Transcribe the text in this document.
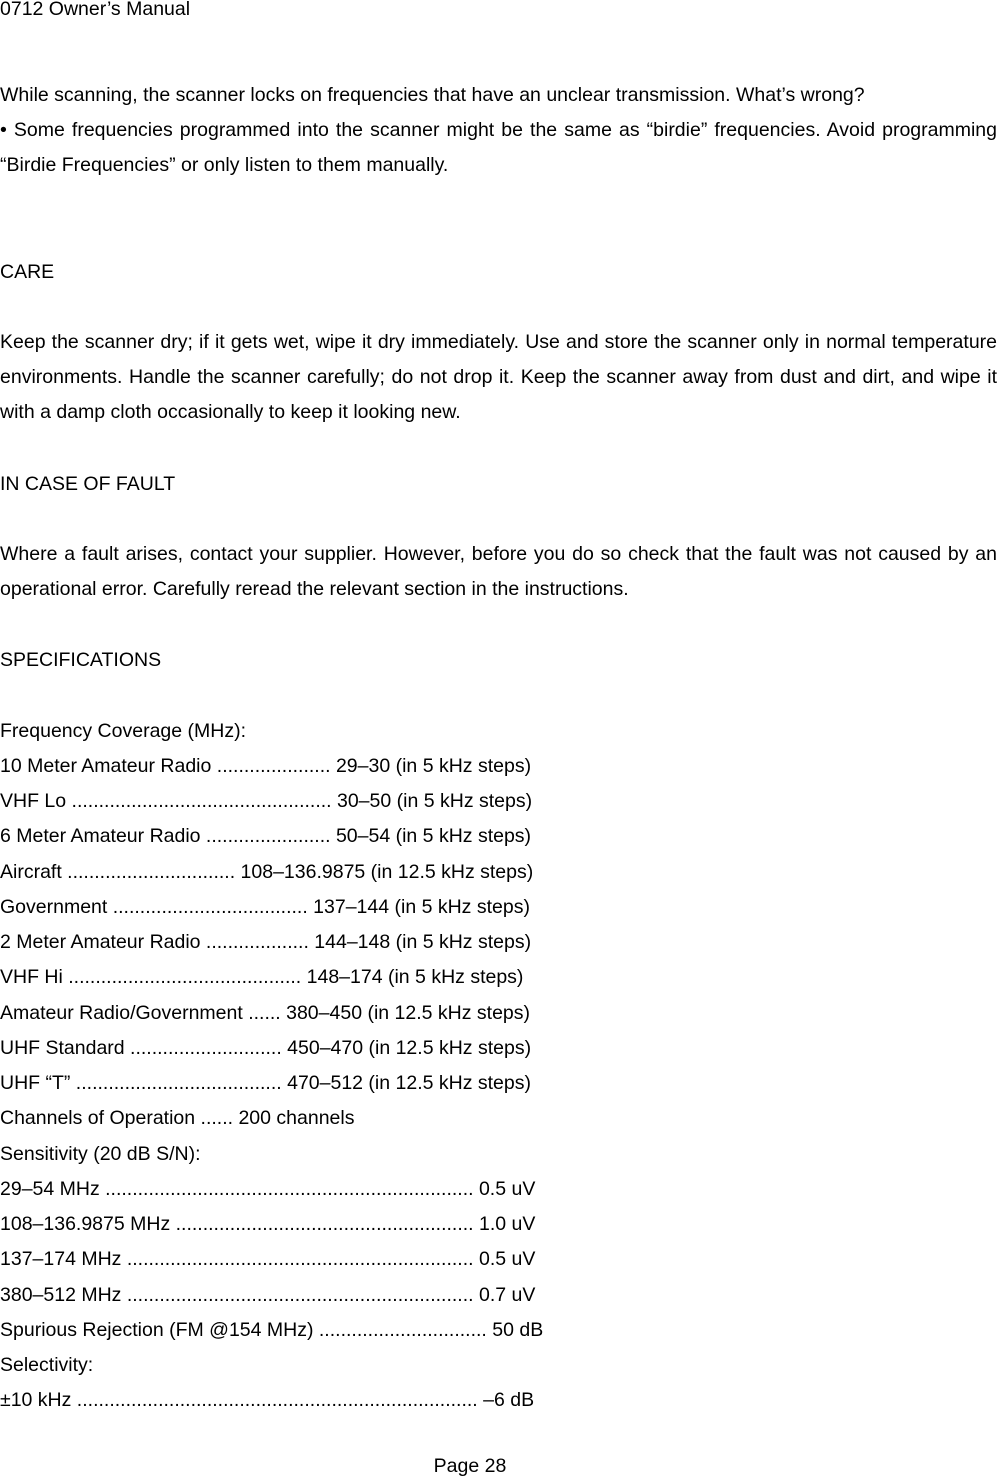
0712 Owner’s Manual

While scanning, the scanner locks on frequencies that have an unclear transmission. What’s wrong?

• Some frequencies programmed into the scanner might be the same as “birdie” frequencies. Avoid programming “Birdie Frequencies” or only listen to them manually.

CARE

Keep the scanner dry; if it gets wet, wipe it dry immediately. Use and store the scanner only in normal temperature environments. Handle the scanner carefully; do not drop it. Keep the scanner away from dust and dirt, and wipe it with a damp cloth occasionally to keep it looking new.

IN CASE OF FAULT

Where a fault arises, contact your supplier. However, before you do so check that the fault was not caused by an operational error. Carefully reread the relevant section in the instructions.

SPECIFICATIONS
Frequency Coverage (MHz):
10 Meter Amateur Radio ..................... 29–30 (in 5 kHz steps)
VHF Lo ................................................ 30–50 (in 5 kHz steps)
6 Meter Amateur Radio ....................... 50–54 (in 5 kHz steps)
Aircraft ............................... 108–136.9875 (in 12.5 kHz steps)
Government .................................... 137–144 (in 5 kHz steps)
2 Meter Amateur Radio ................... 144–148 (in 5 kHz steps)
VHF Hi ........................................... 148–174 (in 5 kHz steps)
Amateur Radio/Government ...... 380–450 (in 12.5 kHz steps)
UHF Standard ............................ 450–470 (in 12.5 kHz steps)
UHF “T” ...................................... 470–512 (in 12.5 kHz steps)
Channels of Operation ...... 200 channels
Sensitivity (20 dB S/N):
29–54 MHz .................................................................... 0.5 uV
108–136.9875 MHz ....................................................... 1.0 uV
137–174 MHz ................................................................ 0.5 uV
380–512 MHz ................................................................ 0.7 uV
Spurious Rejection (FM @154 MHz) ............................... 50 dB
Selectivity:
±10 kHz .......................................................................... –6 dB
Page 28
